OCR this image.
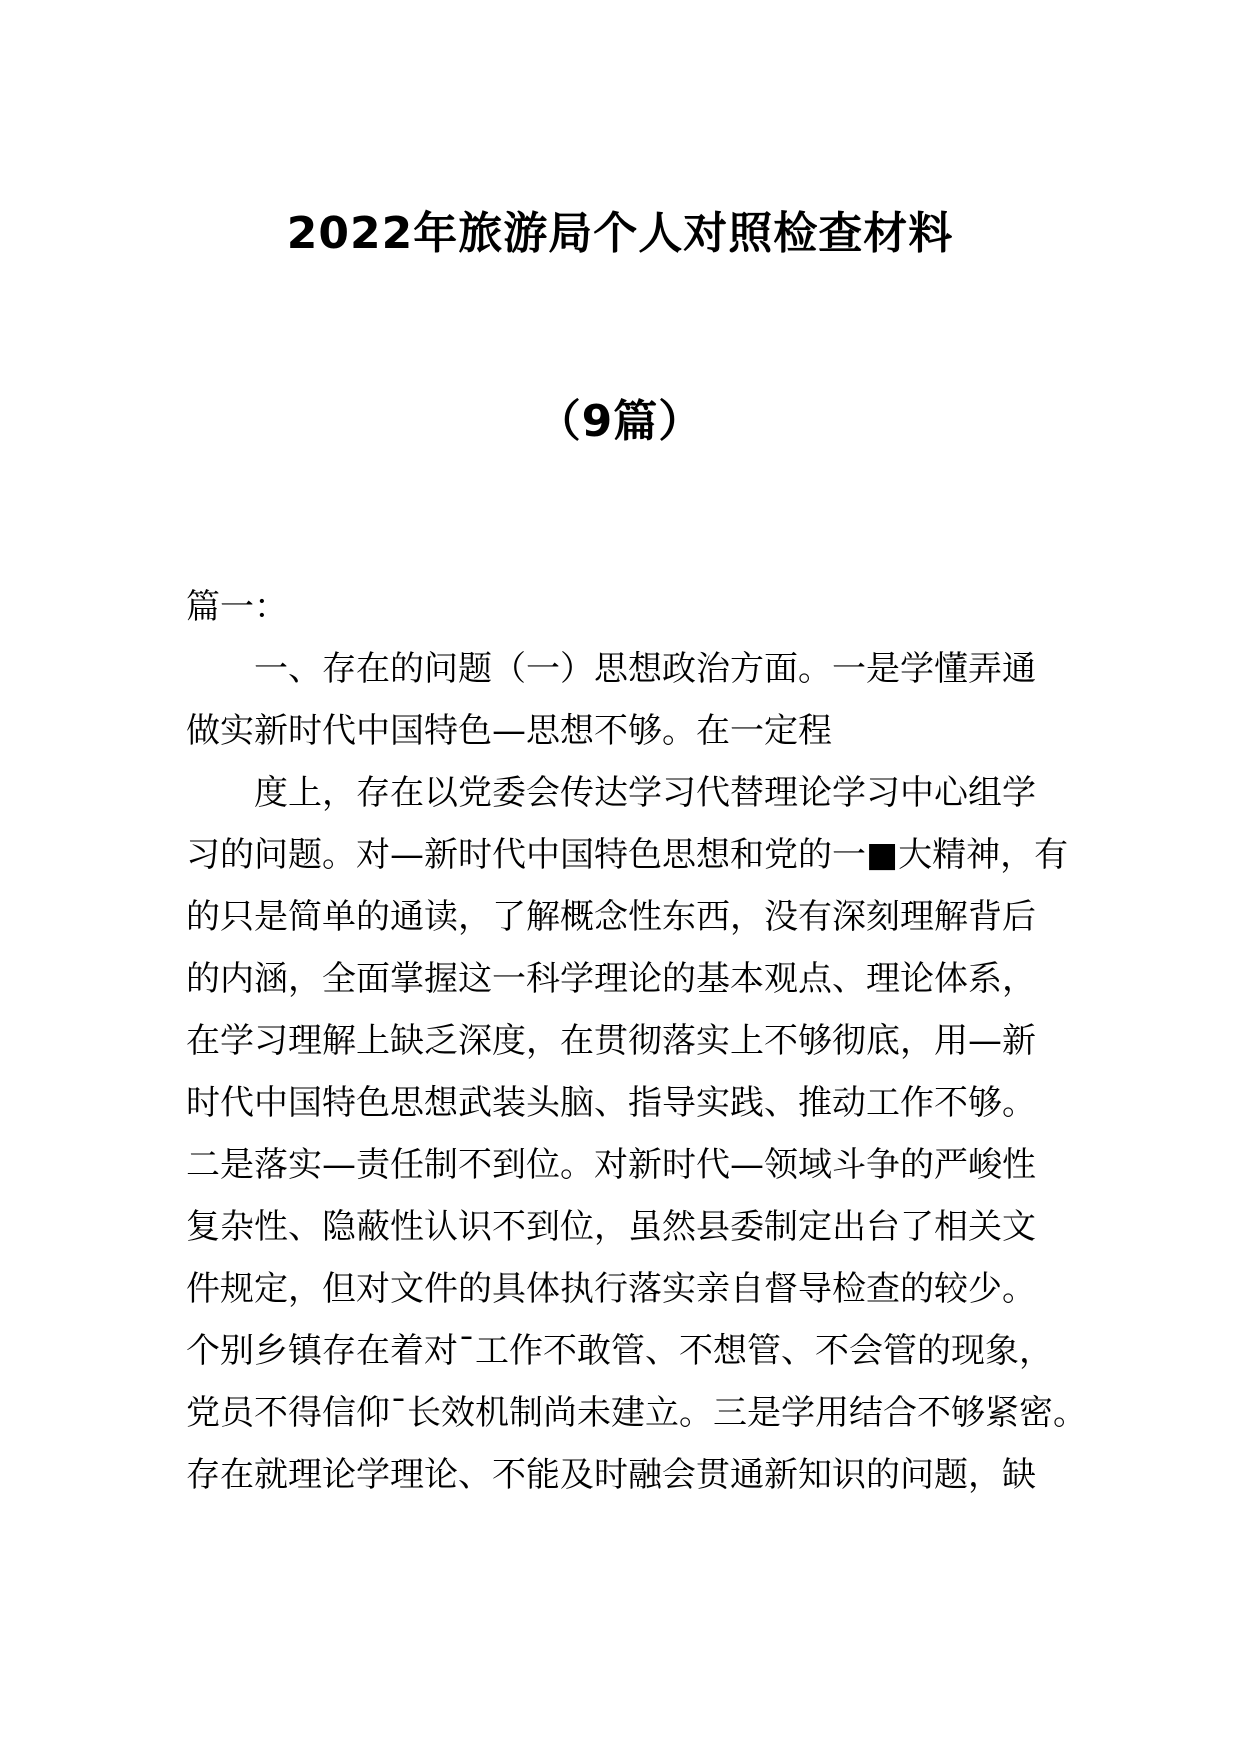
2022年旅游局个人对照检查材料
（9篇）
篇一：
一、存在的问题（一）思想政治方面。一是学懂弄通
做实新时代中国特色—思想不够。在一定程
度上，存在以党委会传达学习代替理论学习中心组学
习的问题。对—新时代中国特色思想和党的一■大精神，有
的只是简单的通读，了解概念性东西，没有深刻理解背后
的内涵，全面掌握这一科学理论的基本观点、理论体系，
在学习理解上缺乏深度，在贯彻落实上不够彻底，用—新
时代中国特色思想武装头脑、指导实践、推动工作不够。
二是落实—责任制不到位。对新时代—领域斗争的严峻性
复杂性、隐蔽性认识不到位，虽然县委制定出台了相关文
件规定，但对文件的具体执行落实亲自督导检查的较少。
个别乡镇存在着对¯工作不敢管、不想管、不会管的现象，
党员不得信仰¯长效机制尚未建立。三是学用结合不够紧密。
存在就理论学理论、不能及时融会贯通新知识的问题，缺
